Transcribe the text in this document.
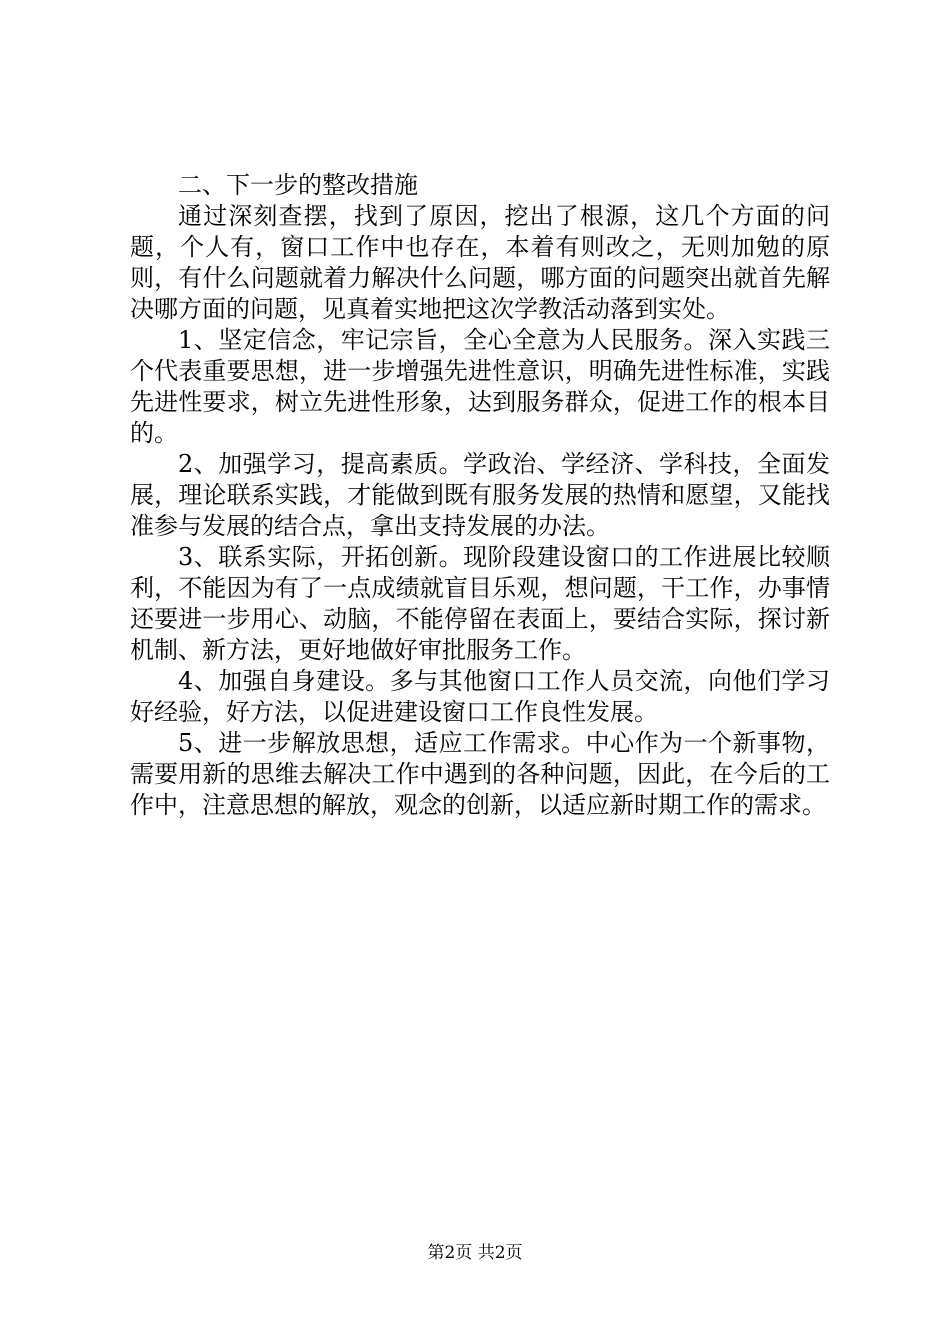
二、下一步的整改措施

通过深刻查摆，找到了原因，挖出了根源，这几个方面的问题，个人有，窗口工作中也存在，本着有则改之，无则加勉的原则，有什么问题就着力解决什么问题，哪方面的问题突出就首先解决哪方面的问题，见真着实地把这次学教活动落到实处。

1、坚定信念，牢记宗旨，全心全意为人民服务。深入实践三个代表重要思想，进一步增强先进性意识，明确先进性标准，实践先进性要求，树立先进性形象，达到服务群众，促进工作的根本目的。

2、加强学习，提高素质。学政治、学经济、学科技，全面发展，理论联系实践，才能做到既有服务发展的热情和愿望，又能找准参与发展的结合点，拿出支持发展的办法。

3、联系实际，开拓创新。现阶段建设窗口的工作进展比较顺利，不能因为有了一点成绩就盲目乐观，想问题，干工作，办事情还要进一步用心、动脑，不能停留在表面上，要结合实际，探讨新机制、新方法，更好地做好审批服务工作。

4、加强自身建设。多与其他窗口工作人员交流，向他们学习好经验，好方法，以促进建设窗口工作良性发展。

5、进一步解放思想，适应工作需求。中心作为一个新事物，需要用新的思维去解决工作中遇到的各种问题，因此，在今后的工作中，注意思想的解放，观念的创新，以适应新时期工作的需求。

第2页 共2页
